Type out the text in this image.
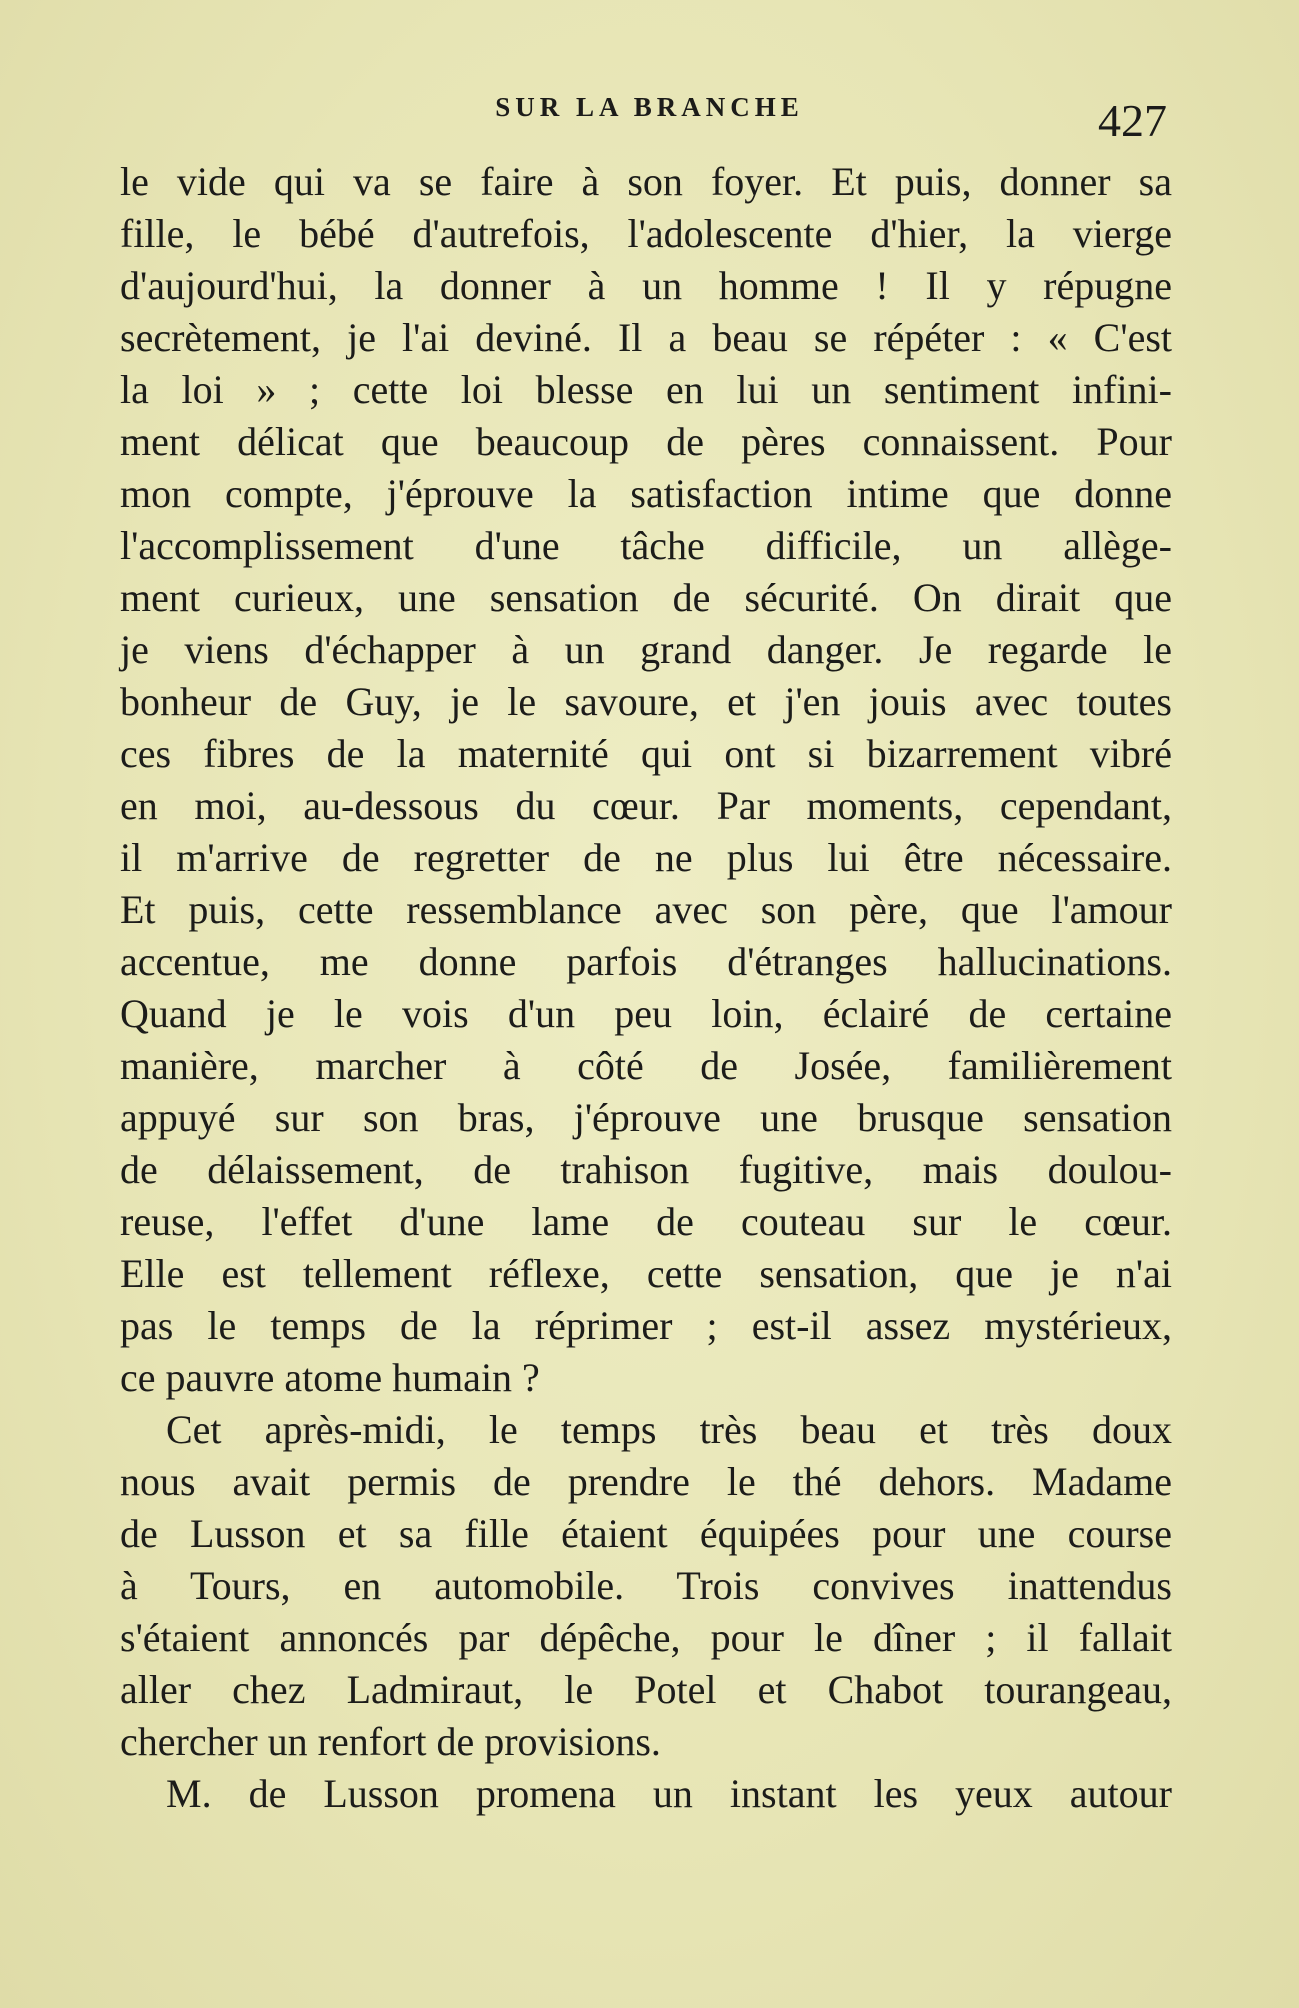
SUR LA BRANCHE	427

le vide qui va se faire à son foyer. Et puis, donner sa

fille, le bébé d'autrefois, l'adolescente d'hier, la vierge

d'aujourd'hui, la donner à un homme ! Il y répugne

secrètement, je l'ai deviné. Il a beau se répéter : « C'est

la loi » ; cette loi blesse en lui un sentiment infini-

ment délicat que beaucoup de pères connaissent. Pour

mon compte, j'éprouve la satisfaction intime que donne

l'accomplissement d'une tâche difficile, un allège-

ment curieux, une sensation de sécurité. On dirait que

je viens d'échapper à un grand danger. Je regarde le

bonheur de Guy, je le savoure, et j'en jouis avec toutes

ces fibres de la maternité qui ont si bizarrement vibré

en moi, au-dessous du cœur. Par moments, cependant,

il m'arrive de regretter de ne plus lui être nécessaire.

Et puis, cette ressemblance avec son père, que l'amour

accentue, me donne parfois d'étranges hallucinations.

Quand je le vois d'un peu loin, éclairé de certaine

manière, marcher à côté de Josée, familièrement

appuyé sur son bras, j'éprouve une brusque sensation

de délaissement, de trahison fugitive, mais doulou-

reuse, l'effet d'une lame de couteau sur le cœur.

Elle est tellement réflexe, cette sensation, que je n'ai

pas le temps de la réprimer ; est-il assez mystérieux,

ce pauvre atome humain ?

Cet après-midi, le temps très beau et très doux

nous avait permis de prendre le thé dehors. Madame

de Lusson et sa fille étaient équipées pour une course

à Tours, en automobile. Trois convives inattendus

s'étaient annoncés par dépêche, pour le dîner ; il fallait

aller chez Ladmiraut, le Potel et Chabot tourangeau,

chercher un renfort de provisions.

M. de Lusson promena un instant les yeux autour
